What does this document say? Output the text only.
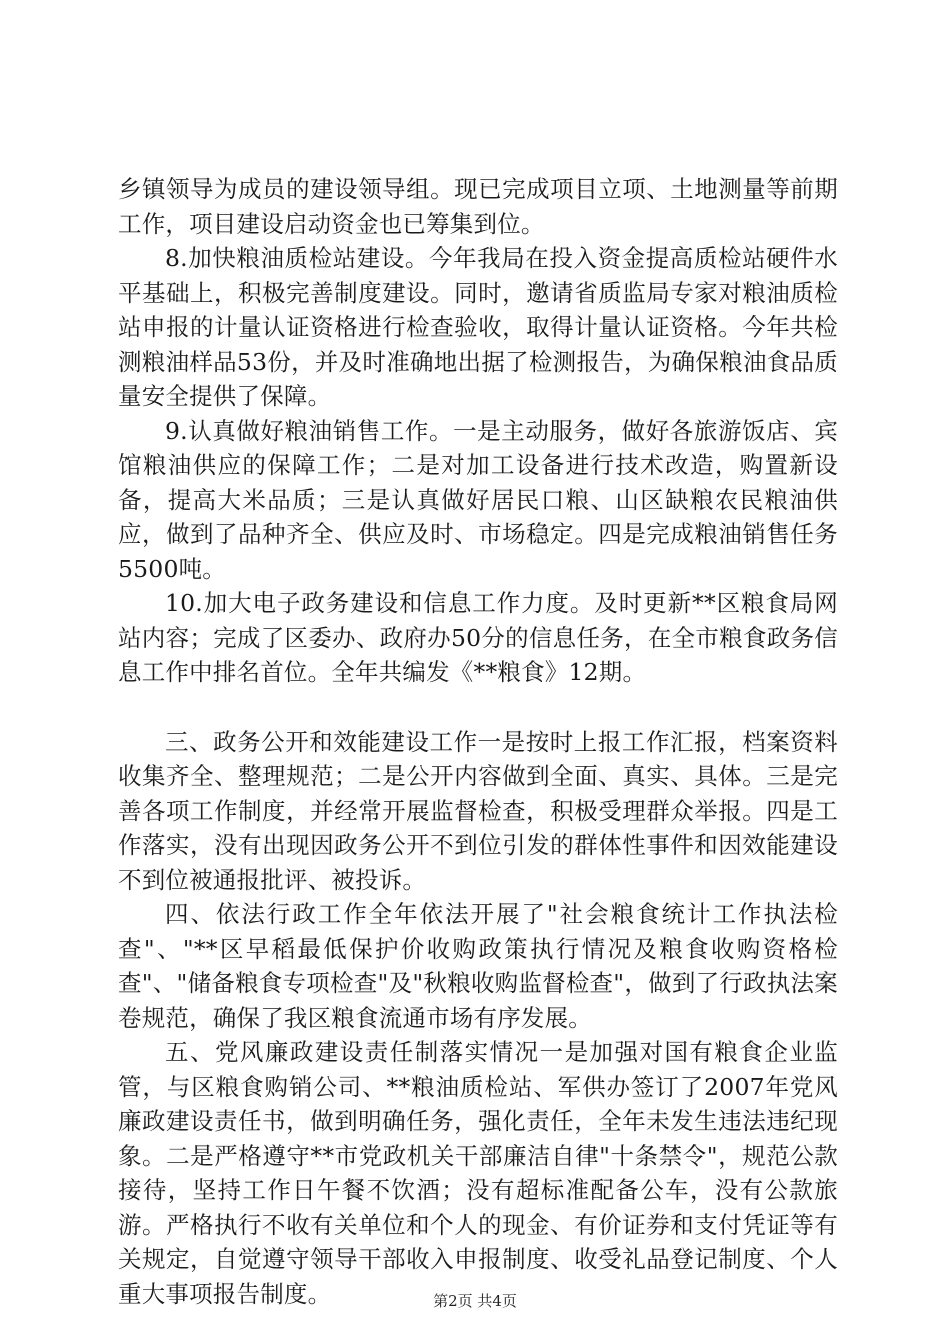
乡镇领导为成员的建设领导组。现已完成项目立项、土地测量等前期工作，项目建设启动资金也已筹集到位。

8.加快粮油质检站建设。今年我局在投入资金提高质检站硬件水平基础上，积极完善制度建设。同时，邀请省质监局专家对粮油质检站申报的计量认证资格进行检查验收，取得计量认证资格。今年共检测粮油样品53份，并及时准确地出据了检测报告，为确保粮油食品质量安全提供了保障。

9.认真做好粮油销售工作。一是主动服务，做好各旅游饭店、宾馆粮油供应的保障工作；二是对加工设备进行技术改造，购置新设备，提高大米品质；三是认真做好居民口粮、山区缺粮农民粮油供应，做到了品种齐全、供应及时、市场稳定。四是完成粮油销售任务5500吨。

10.加大电子政务建设和信息工作力度。及时更新**区粮食局网站内容；完成了区委办、政府办50分的信息任务，在全市粮食政务信息工作中排名首位。全年共编发《**粮食》12期。

三、政务公开和效能建设工作一是按时上报工作汇报，档案资料收集齐全、整理规范；二是公开内容做到全面、真实、具体。三是完善各项工作制度，并经常开展监督检查，积极受理群众举报。四是工作落实，没有出现因政务公开不到位引发的群体性事件和因效能建设不到位被通报批评、被投诉。

四、依法行政工作全年依法开展了"社会粮食统计工作执法检查"、"**区早稻最低保护价收购政策执行情况及粮食收购资格检查"、"储备粮食专项检查"及"秋粮收购监督检查"，做到了行政执法案卷规范，确保了我区粮食流通市场有序发展。

五、党风廉政建设责任制落实情况一是加强对国有粮食企业监管，与区粮食购销公司、**粮油质检站、军供办签订了2007年党风廉政建设责任书，做到明确任务，强化责任，全年未发生违法违纪现象。二是严格遵守**市党政机关干部廉洁自律"十条禁令"，规范公款接待，坚持工作日午餐不饮酒；没有超标准配备公车，没有公款旅游。严格执行不收有关单位和个人的现金、有价证券和支付凭证等有关规定，自觉遵守领导干部收入申报制度、收受礼品登记制度、个人重大事项报告制度。	第2页 共4页
